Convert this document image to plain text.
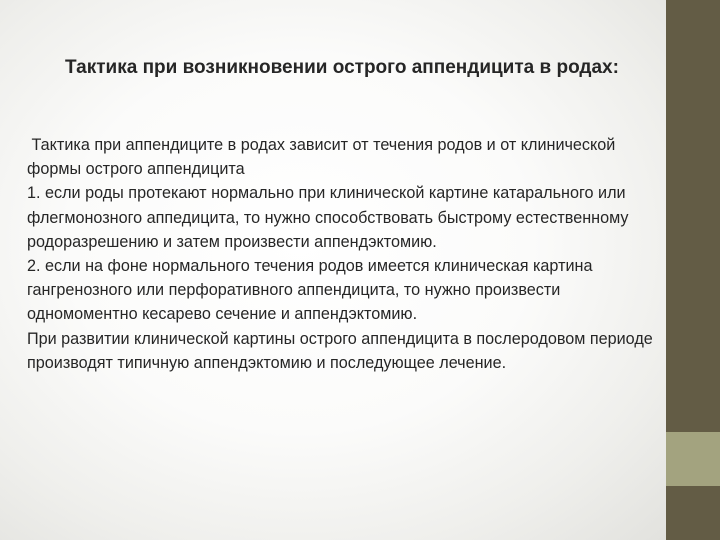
Тактика при возникновении острого аппендицита в родах:

Тактика при аппендиците в родах зависит от течения родов и от клинической формы острого аппендицита

1. если роды протекают нормально при клинической картине катарального или флегмонозного аппедицита, то нужно способствовать быстрому естественному родоразрешению и затем произвести аппендэктомию.

2. если на фоне нормального течения родов имеется клиническая картина гангренозного или перфоративного аппендицита, то нужно произвести одномоментно кесарево сечение и аппендэктомию.

При развитии клинической картины острого аппендицита в послеродовом периоде производят типичную аппендэктомию и последующее лечение.
